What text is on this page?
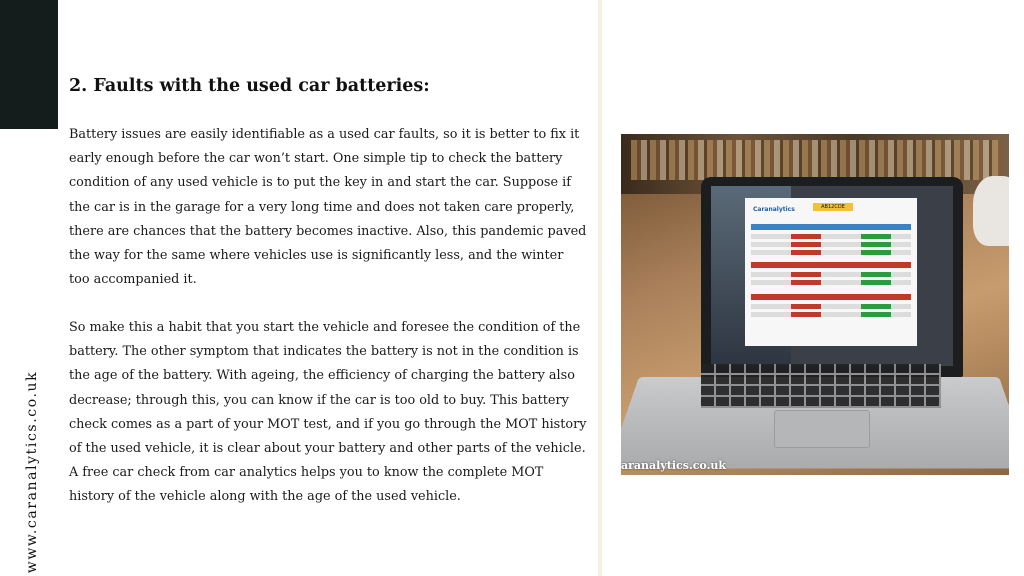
www.caranalytics.co.uk
2. Faults with the used car batteries:

Battery issues are easily identifiable as a used car faults, so it is better to fix it early enough before the car won’t start. One simple tip to check the battery condition of any used vehicle is to put the key in and start the car. Suppose if the car is in the garage for a very long time and does not taken care properly, there are chances that the battery becomes inactive. Also, this pandemic paved the way for the same where vehicles use is significantly less, and the winter too accompanied it.

So make this a habit that you start the vehicle and foresee the condition of the battery. The other symptom that indicates the battery is not in the condition is the age of the battery. With ageing, the efficiency of charging the battery also decrease; through this, you can know if the car is too old to buy. This battery check comes as a part of your MOT test, and if you go through the MOT history of the used vehicle, it is clear about your battery and other parts of the vehicle. A free car check from car analytics helps you to know the complete MOT history of the vehicle along with the age of the used vehicle.

Caranalytics	AB12CDE
aranalytics.co.uk
